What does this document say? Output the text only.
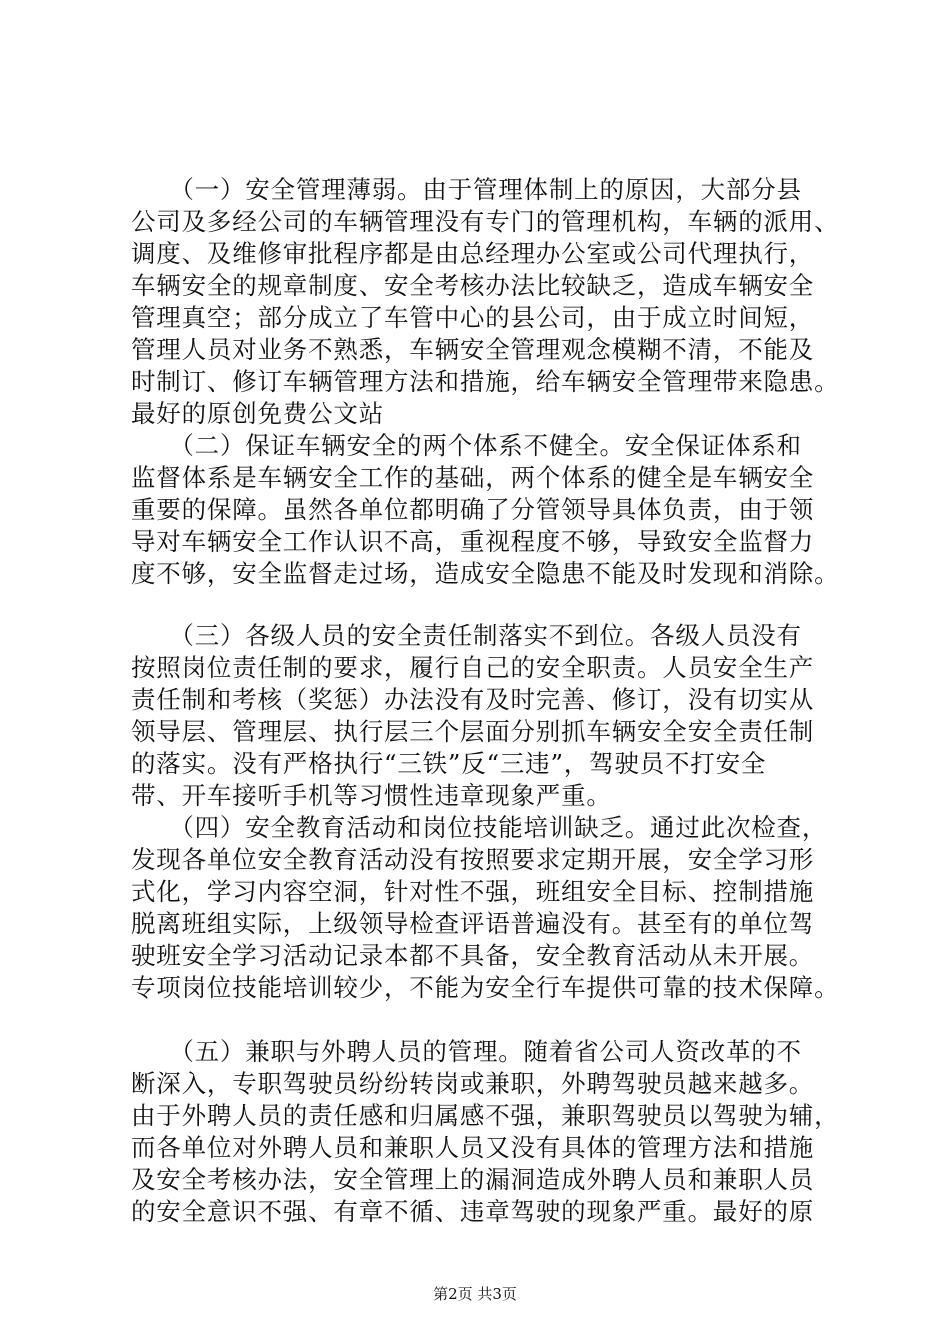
　　（一）安全管理薄弱。由于管理体制上的原因，大部分县
公司及多经公司的车辆管理没有专门的管理机构，车辆的派用、
调度、及维修审批程序都是由总经理办公室或公司代理执行，
车辆安全的规章制度、安全考核办法比较缺乏，造成车辆安全
管理真空；部分成立了车管中心的县公司，由于成立时间短，
管理人员对业务不熟悉，车辆安全管理观念模糊不清，不能及
时制订、修订车辆管理方法和措施，给车辆安全管理带来隐患。
最好的原创免费公文站
　　（二）保证车辆安全的两个体系不健全。安全保证体系和
监督体系是车辆安全工作的基础，两个体系的健全是车辆安全
重要的保障。虽然各单位都明确了分管领导具体负责，由于领
导对车辆安全工作认识不高，重视程度不够，导致安全监督力
度不够，安全监督走过场，造成安全隐患不能及时发现和消除。
　　（三）各级人员的安全责任制落实不到位。各级人员没有
按照岗位责任制的要求，履行自己的安全职责。人员安全生产
责任制和考核（奖惩）办法没有及时完善、修订，没有切实从
领导层、管理层、执行层三个层面分别抓车辆安全安全责任制
的落实。没有严格执行“三铁”反“三违”，驾驶员不打安全
带、开车接听手机等习惯性违章现象严重。
　　（四）安全教育活动和岗位技能培训缺乏。通过此次检查，
发现各单位安全教育活动没有按照要求定期开展，安全学习形
式化，学习内容空洞，针对性不强，班组安全目标、控制措施
脱离班组实际，上级领导检查评语普遍没有。甚至有的单位驾
驶班安全学习活动记录本都不具备，安全教育活动从未开展。
专项岗位技能培训较少，不能为安全行车提供可靠的技术保障。
　　（五）兼职与外聘人员的管理。随着省公司人资改革的不
断深入，专职驾驶员纷纷转岗或兼职，外聘驾驶员越来越多。
由于外聘人员的责任感和归属感不强，兼职驾驶员以驾驶为辅，
而各单位对外聘人员和兼职人员又没有具体的管理方法和措施
及安全考核办法，安全管理上的漏洞造成外聘人员和兼职人员
的安全意识不强、有章不循、违章驾驶的现象严重。最好的原
第2页 共3页
